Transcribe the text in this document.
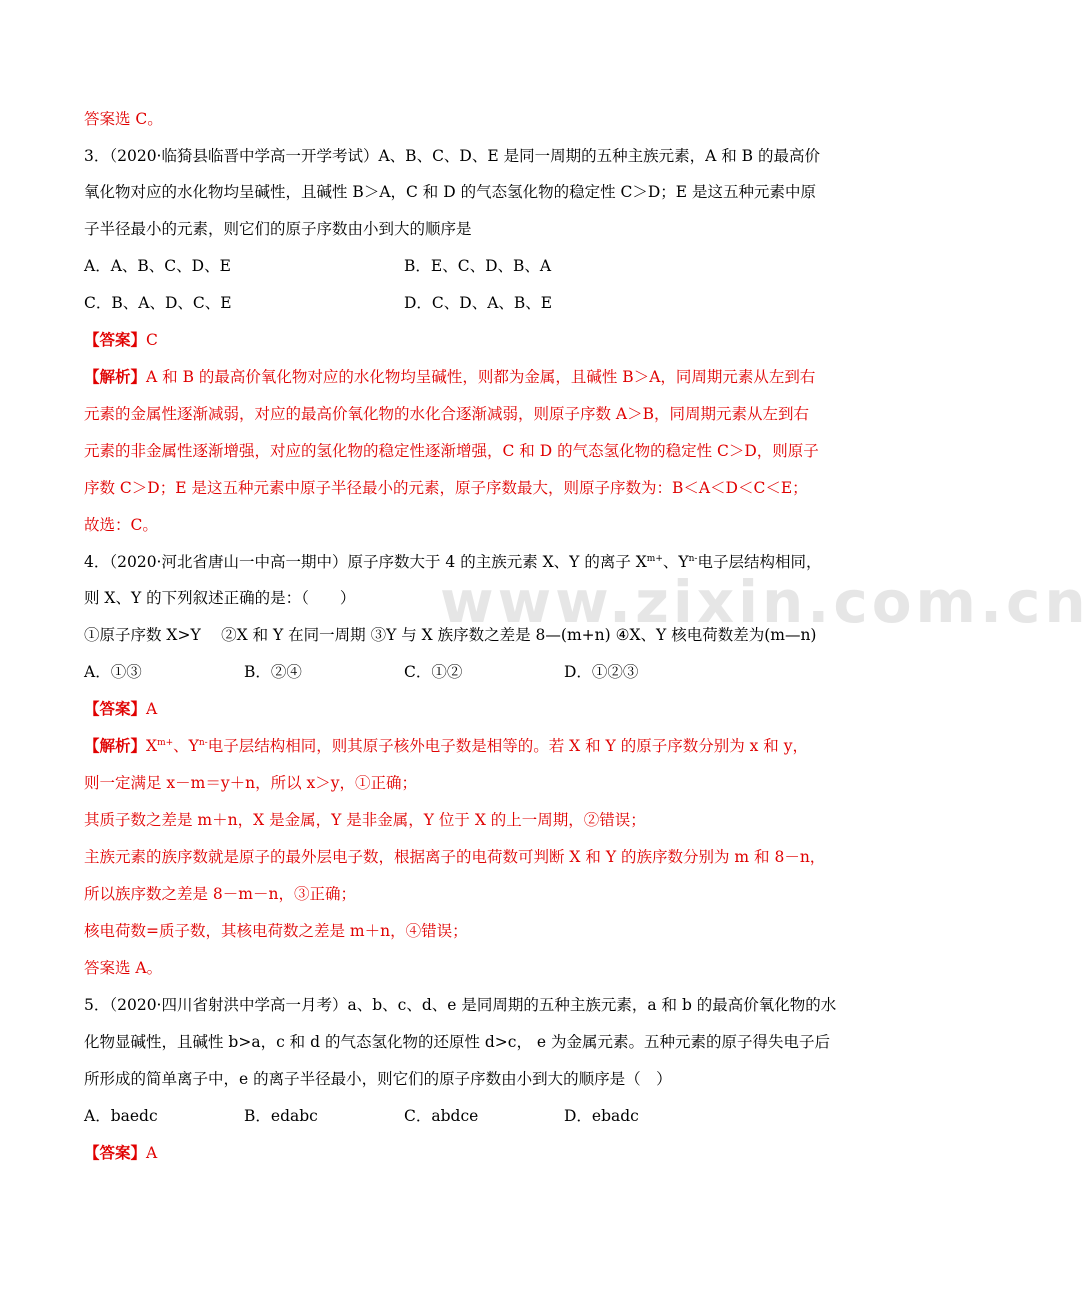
www.zixin.com.cn
答案选 C。
3．（2020·临猗县临晋中学高一开学考试）A、B、C、D、E 是同一周期的五种主族元素，A 和 B 的最高价
氧化物对应的水化物均呈碱性，且碱性 B＞A，C 和 D 的气态氢化物的稳定性 C＞D；E 是这五种元素中原
子半径最小的元素，则它们的原子序数由小到大的顺序是
A．A、B、C、D、E	B．E、C、D、B、A
C．B、A、D、C、E	D．C、D、A、B、E
【答案】C
【解析】A 和 B 的最高价氧化物对应的水化物均呈碱性，则都为金属，且碱性 B＞A，同周期元素从左到右
元素的金属性逐渐减弱，对应的最高价氧化物的水化合逐渐减弱，则原子序数 A＞B，同周期元素从左到右
元素的非金属性逐渐增强，对应的氢化物的稳定性逐渐增强，C 和 D 的气态氢化物的稳定性 C＞D，则原子
序数 C＞D；E 是这五种元素中原子半径最小的元素，原子序数最大，则原子序数为：B＜A＜D＜C＜E；
故选：C。
4．（2020·河北省唐山一中高一期中）原子序数大于 4 的主族元素 X、Y 的离子 $X^{m+}$、$Y^{n-}$电子层结构相同，
则 X、Y 的下列叙述正确的是：（　　）
①原子序数 X>Y　 ②X 和 Y 在同一周期 ③Y 与 X 族序数之差是 8—(m+n) ④X、Y 核电荷数差为(m—n)
A．①③	B．②④	C．①②	D．①②③
【答案】A
【解析】$X^{m+}$、$Y^{n-}$电子层结构相同，则其原子核外电子数是相等的。若 X 和 Y 的原子序数分别为 x 和 y，
则一定满足 x－m＝y＋n，所以 x＞y，①正确；
其质子数之差是 m＋n，X 是金属，Y 是非金属，Y 位于 X 的上一周期，②错误；
主族元素的族序数就是原子的最外层电子数，根据离子的电荷数可判断 X 和 Y 的族序数分别为 m 和 8－n，
所以族序数之差是 8－m－n，③正确；
核电荷数=质子数，其核电荷数之差是 m＋n，④错误；
答案选 A。
5．（2020·四川省射洪中学高一月考）a、b、c、d、e 是同周期的五种主族元素，a 和 b 的最高价氧化物的水
化物显碱性，且碱性 b>a，c 和 d 的气态氢化物的还原性 d>c， e 为金属元素。五种元素的原子得失电子后
所形成的简单离子中，e 的离子半径最小，则它们的原子序数由小到大的顺序是（　）
A．baedc	B．edabc	C．abdce	D．ebadc
【答案】A
